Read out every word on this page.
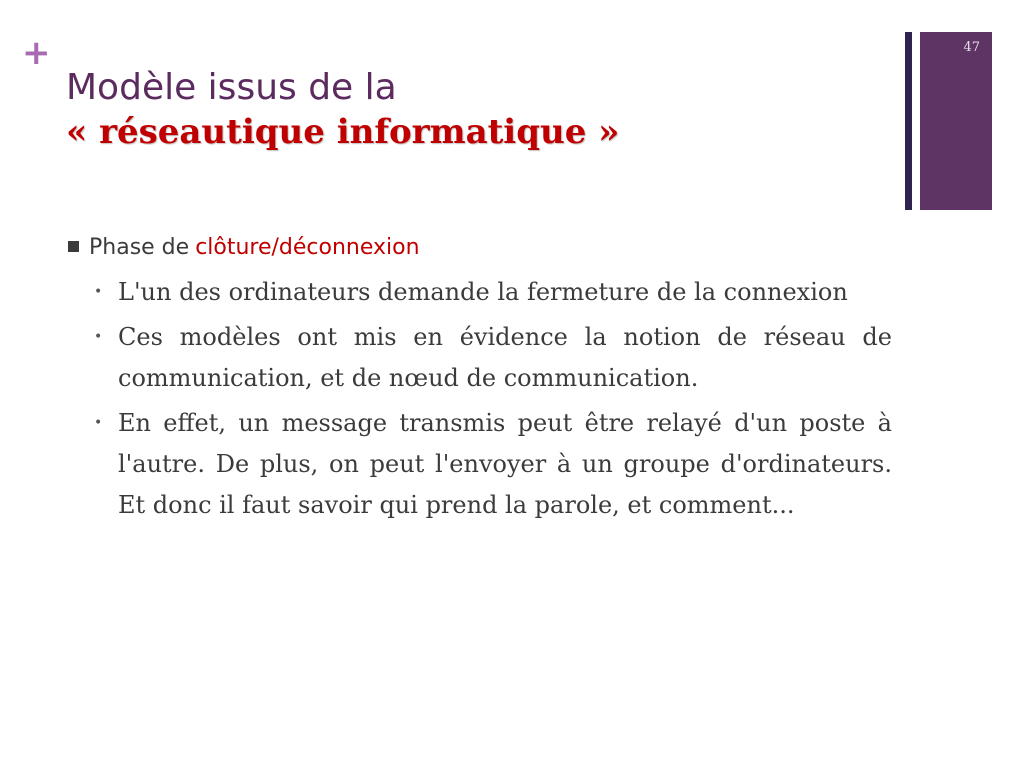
+
Modèle issus de la
« réseautique informatique »
47
Phase de clôture/déconnexion
• L'un des ordinateurs demande la fermeture de la connexion
• Ces modèles ont mis en évidence la notion de réseau de communication, et de nœud de communication.
• En effet, un message transmis peut être relayé d'un poste à l'autre. De plus, on peut l'envoyer à un groupe d'ordinateurs. Et donc il faut savoir qui prend la parole, et comment...
